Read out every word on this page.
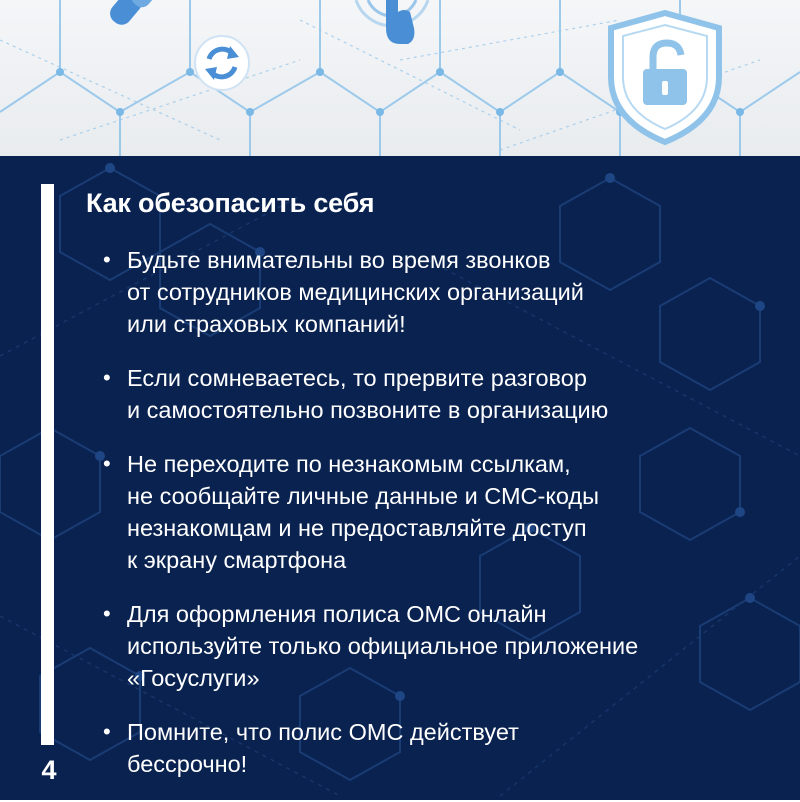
4
Как обезопасить себя
• Будьте внимательны во время звонков
от сотрудников медицинских организаций
или страховых компаний!
• Если сомневаетесь, то прервите разговор
и самостоятельно позвоните в организацию
• Не переходите по незнакомым ссылкам,
не сообщайте личные данные и СМС-коды
незнакомцам и не предоставляйте доступ
к экрану смартфона
• Для оформления полиса ОМС онлайн
используйте только официальное приложение
«Госуслуги»
• Помните, что полис ОМС действует
бессрочно!
